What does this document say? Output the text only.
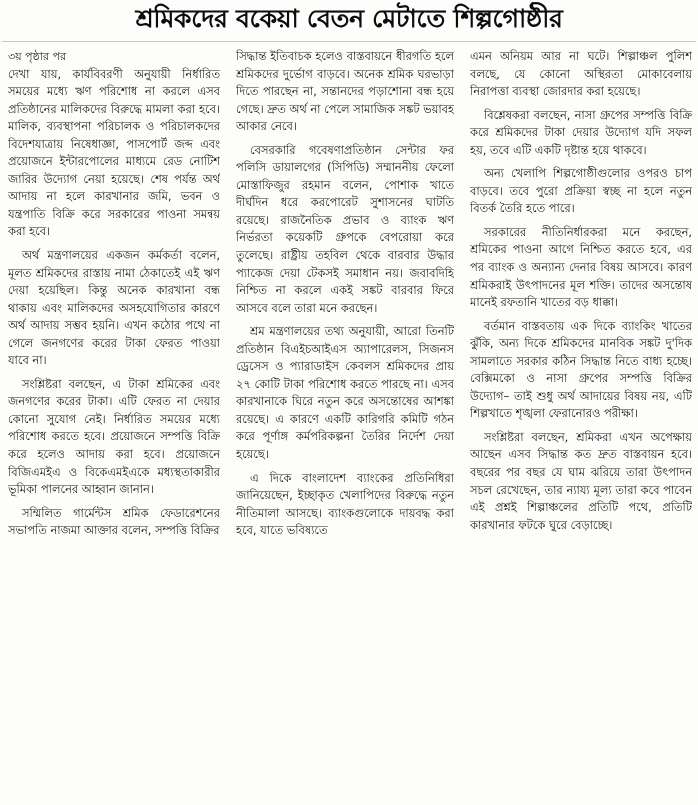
শ্রমিকদের বকেয়া বেতন মেটাতে শিল্পগোষ্ঠীর

৩য় পৃষ্ঠার পর

দেখা যায়, কার্যবিবরণী অনুযায়ী নির্ধারিত সময়ের মধ্যে ঋণ পরিশোধ না করলে এসব প্রতিষ্ঠানের মালিকদের বিরুদ্ধে মামলা করা হবে। মালিক, ব্যবস্থাপনা পরিচালক ও পরিচালকদের বিদেশযাত্রায় নিষেধাজ্ঞা, পাসপোর্ট জব্দ এবং প্রয়োজনে ইন্টারপোলের মাধ্যমে রেড নোটিশ জারির উদ্যোগ নেয়া হয়েছে। শেষ পর্যন্ত অর্থ আদায় না হলে কারখানার জমি, ভবন ও যন্ত্রপাতি বিক্রি করে সরকারের পাওনা সমন্বয় করা হবে।

অর্থ মন্ত্রণালয়ের একজন কর্মকর্তা বলেন, মূলত শ্রমিকদের রাস্তায় নামা ঠেকাতেই এই ঋণ দেয়া হয়েছিল। কিন্তু অনেক কারখানা বন্ধ থাকায় এবং মালিকদের অসহযোগিতার কারণে অর্থ আদায় সম্ভব হয়নি। এখন কঠোর পথে না গেলে জনগণের করের টাকা ফেরত পাওয়া যাবে না।

সংশ্লিষ্টরা বলছেন, এ টাকা শ্রমিকের এবং জনগণের করের টাকা। এটি ফেরত না দেয়ার কোনো সুযোগ নেই। নির্ধারিত সময়ের মধ্যে পরিশোধ করতে হবে। প্রয়োজনে সম্পত্তি বিক্রি করে হলেও আদায় করা হবে। প্রয়োজনে বিজিএমইএ ও বিকেএমইএকে মধ্যস্থতাকারীর ভূমিকা পালনের আহ্বান জানান।

সম্মিলিত গার্মেন্টস শ্রমিক ফেডারেশনের সভাপতি নাজমা আক্তার বলেন, সম্পত্তি বিক্রির

সিদ্ধান্ত ইতিবাচক হলেও বাস্তবায়নে ধীরগতি হলে শ্রমিকদের দুর্ভোগ বাড়বে। অনেক শ্রমিক ঘরভাড়া দিতে পারছেন না, সন্তানদের পড়াশোনা বন্ধ হয়ে গেছে। দ্রুত অর্থ না পেলে সামাজিক সঙ্কট ভয়াবহ আকার নেবে।

বেসরকারি গবেষণাপ্রতিষ্ঠান সেন্টার ফর পলিসি ডায়ালগের (সিপিডি) সম্মাননীয় ফেলো মোস্তাফিজুর রহমান বলেন, পোশাক খাতে দীর্ঘদিন ধরে করপোরেট সুশাসনের ঘাটতি রয়েছে। রাজনৈতিক প্রভাব ও ব্যাংক ঋণ নির্ভরতা কয়েকটি গ্রুপকে বেপরোয়া করে তুলেছে। রাষ্ট্রীয় তহবিল থেকে বারবার উদ্ধার প্যাকেজ দেয়া টেকসই সমাধান নয়। জবাবদিহি নিশ্চিত না করলে একই সঙ্কট বারবার ফিরে আসবে বলে তারা মনে করছেন।

শ্রম মন্ত্রণালয়ের তথ্য অনুযায়ী, আরো তিনটি প্রতিষ্ঠান বিএইচআইএস অ্যাপারেলস, সিজনস ড্রেসেস ও প্যারাডাইস কেবলস শ্রমিকদের প্রায় ২৭ কোটি টাকা পরিশোধ করতে পারছে না। এসব কারখানাকে ঘিরে নতুন করে অসন্তোষের আশঙ্কা রয়েছে। এ কারণে একটি কারিগরি কমিটি গঠন করে পূর্ণাঙ্গ কর্মপরিকল্পনা তৈরির নির্দেশ দেয়া হয়েছে।

এ দিকে বাংলাদেশ ব্যাংকের প্রতিনিধিরা জানিয়েছেন, ইচ্ছাকৃত খেলাপিদের বিরুদ্ধে নতুন নীতিমালা আসছে। ব্যাংকগুলোকে দায়বদ্ধ করা হবে, যাতে ভবিষ্যতে

এমন অনিয়ম আর না ঘটে। শিল্পাঞ্চল পুলিশ বলছে, যে কোনো অস্থিরতা মোকাবেলায় নিরাপত্তা ব্যবস্থা জোরদার করা হয়েছে।

বিশ্লেষকরা বলছেন, নাসা গ্রুপের সম্পত্তি বিক্রি করে শ্রমিকদের টাকা দেয়ার উদ্যোগ যদি সফল হয়, তবে এটি একটি দৃষ্টান্ত হয়ে থাকবে।

অন্য খেলাপি শিল্পগোষ্ঠীগুলোর ওপরও চাপ বাড়বে। তবে পুরো প্রক্রিয়া স্বচ্ছ না হলে নতুন বিতর্ক তৈরি হতে পারে।

সরকারের নীতিনির্ধারকরা মনে করছেন, শ্রমিকের পাওনা আগে নিশ্চিত করতে হবে, এর পর ব্যাংক ও অন্যান্য দেনার বিষয় আসবে। কারণ শ্রমিকরাই উৎপাদনের মূল শক্তি। তাদের অসন্তোষ মানেই রফতানি খাতের বড় ধাক্কা।

বর্তমান বাস্তবতায় এক দিকে ব্যাংকিং খাতের ঝুঁকি, অন্য দিকে শ্রমিকদের মানবিক সঙ্কট দু'দিক সামলাতে সরকার কঠিন সিদ্ধান্ত নিতে বাধ্য হচ্ছে। বেক্সিমকো ও নাসা গ্রুপের সম্পত্তি বিক্রির উদ্যোগ– তাই শুধু অর্থ আদায়ের বিষয় নয়, এটি শিল্পখাতে শৃঙ্খলা ফেরানোরও পরীক্ষা।

সংশ্লিষ্টরা বলছেন, শ্রমিকরা এখন অপেক্ষায় আছেন এসব সিদ্ধান্ত কত দ্রুত বাস্তবায়ন হবে। বছরের পর বছর যে ঘাম ঝরিয়ে তারা উৎপাদন সচল রেখেছেন, তার ন্যায্য মূল্য তারা কবে পাবেন এই প্রশ্নই শিল্পাঞ্চলের প্রতিটি পথে, প্রতিটি কারখানার ফটকে ঘুরে বেড়াচ্ছে।
